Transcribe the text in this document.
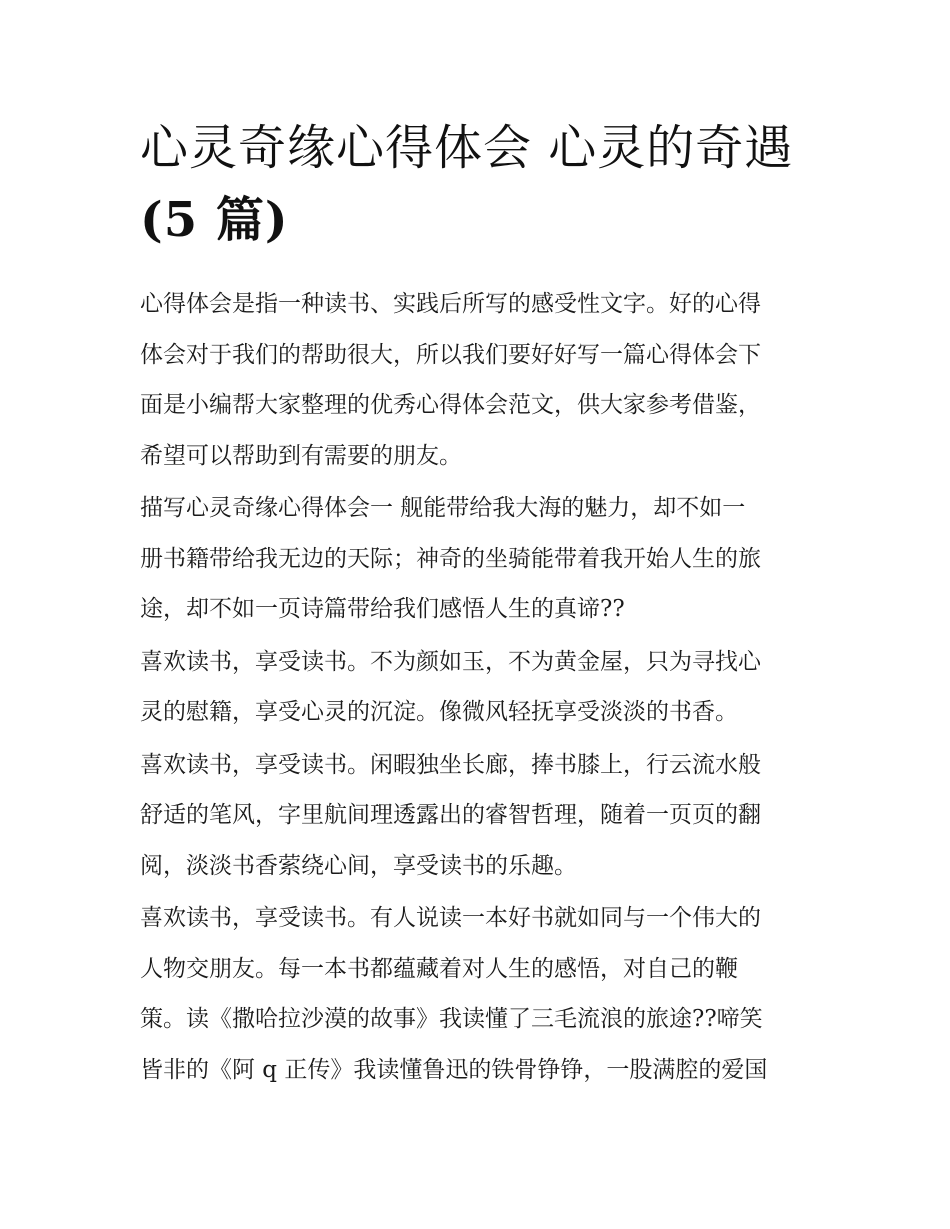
心灵奇缘心得体会 心灵的奇遇
(5 篇)

心得体会是指一种读书、实践后所写的感受性文字。好的心得

体会对于我们的帮助很大，所以我们要好好写一篇心得体会下

面是小编帮大家整理的优秀心得体会范文，供大家参考借鉴，

希望可以帮助到有需要的朋友。

描写心灵奇缘心得体会一 舰能带给我大海的魅力，却不如一

册书籍带给我无边的天际；神奇的坐骑能带着我开始人生的旅

途，却不如一页诗篇带给我们感悟人生的真谛??

喜欢读书，享受读书。不为颜如玉，不为黄金屋，只为寻找心

灵的慰籍，享受心灵的沉淀。像微风轻抚享受淡淡的书香。

喜欢读书，享受读书。闲暇独坐长廊，捧书膝上，行云流水般

舒适的笔风，字里航间理透露出的睿智哲理，随着一页页的翻

阅，淡淡书香萦绕心间，享受读书的乐趣。

喜欢读书，享受读书。有人说读一本好书就如同与一个伟大的

人物交朋友。每一本书都蕴藏着对人生的感悟，对自己的鞭

策。读《撒哈拉沙漠的故事》我读懂了三毛流浪的旅途??啼笑

皆非的《阿 q 正传》我读懂鲁迅的铁骨铮铮，一股满腔的爱国
